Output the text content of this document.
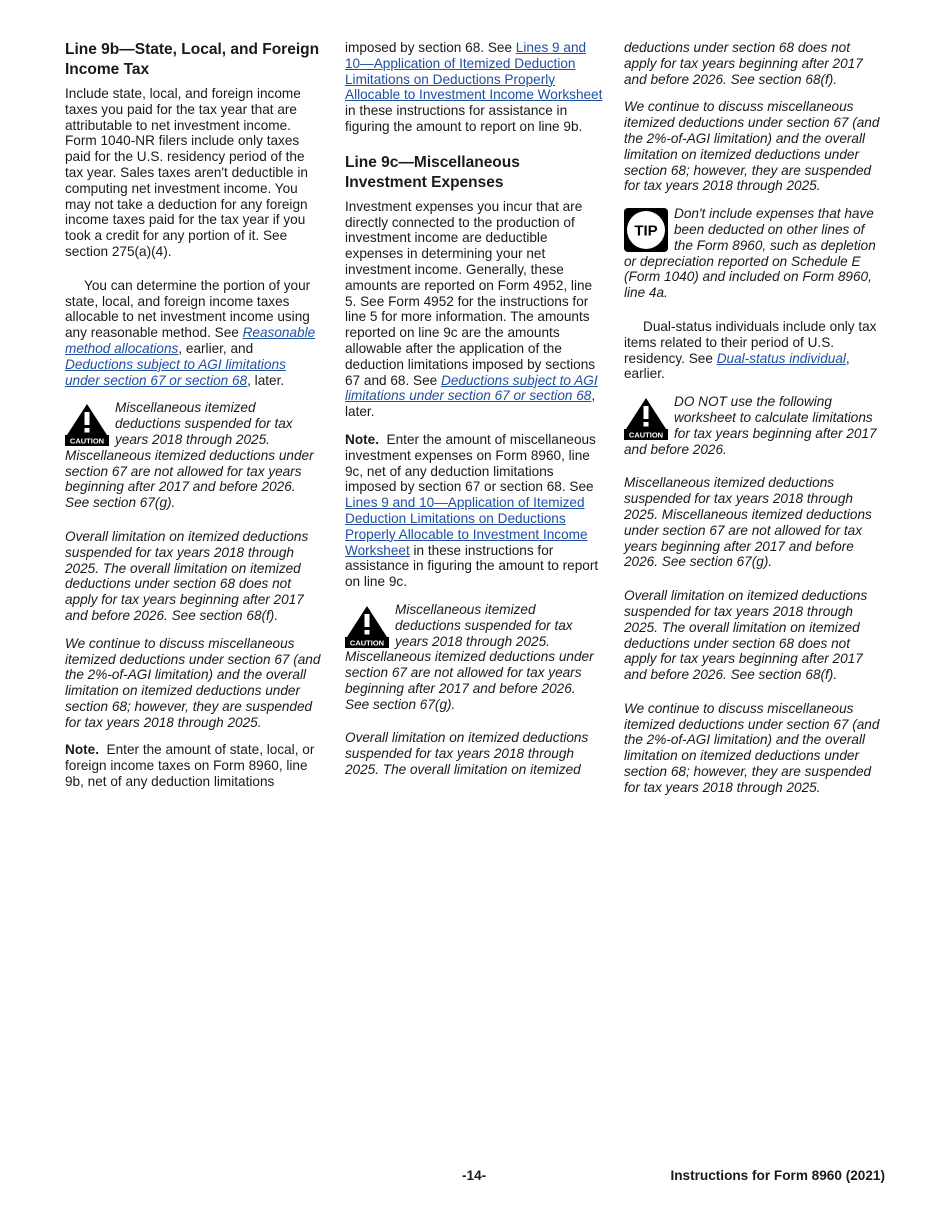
Line 9b—State, Local, and Foreign Income Tax

Include state, local, and foreign income taxes you paid for the tax year that are attributable to net investment income. Form 1040-NR filers include only taxes paid for the U.S. residency period of the tax year. Sales taxes aren't deductible in computing net investment income. You may not take a deduction for any foreign income taxes paid for the tax year if you took a credit for any portion of it. See section 275(a)(4).

You can determine the portion of your state, local, and foreign income taxes allocable to net investment income using any reasonable method. See Reasonable method allocations, earlier, and Deductions subject to AGI limitations under section 67 or section 68, later.

CAUTION

Miscellaneous itemized deductions suspended for tax years 2018 through 2025. Miscellaneous itemized deductions under section 67 are not allowed for tax years beginning after 2017 and before 2026. See section 67(g).

Overall limitation on itemized deductions suspended for tax years 2018 through 2025. The overall limitation on itemized deductions under section 68 does not apply for tax years beginning after 2017 and before 2026. See section 68(f).

We continue to discuss miscellaneous itemized deductions under section 67 (and the 2%-of-AGI limitation) and the overall limitation on itemized deductions under section 68; however, they are suspended for tax years 2018 through 2025.

Note. Enter the amount of state, local, or foreign income taxes on Form 8960, line 9b, net of any deduction limitations

imposed by section 68. See Lines 9 and 10—Application of Itemized Deduction Limitations on Deductions Properly Allocable to Investment Income Worksheet in these instructions for assistance in figuring the amount to report on line 9b.

Line 9c—Miscellaneous Investment Expenses

Investment expenses you incur that are directly connected to the production of investment income are deductible expenses in determining your net investment income. Generally, these amounts are reported on Form 4952, line 5. See Form 4952 for the instructions for line 5 for more information. The amounts reported on line 9c are the amounts allowable after the application of the deduction limitations imposed by sections 67 and 68. See Deductions subject to AGI limitations under section 67 or section 68, later.

Note. Enter the amount of miscellaneous investment expenses on Form 8960, line 9c, net of any deduction limitations imposed by section 67 or section 68. See Lines 9 and 10—Application of Itemized Deduction Limitations on Deductions Properly Allocable to Investment Income Worksheet in these instructions for assistance in figuring the amount to report on line 9c.

CAUTION

Miscellaneous itemized deductions suspended for tax years 2018 through 2025. Miscellaneous itemized deductions under section 67 are not allowed for tax years beginning after 2017 and before 2026. See section 67(g).

Overall limitation on itemized deductions suspended for tax years 2018 through 2025. The overall limitation on itemized

deductions under section 68 does not apply for tax years beginning after 2017 and before 2026. See section 68(f).

We continue to discuss miscellaneous itemized deductions under section 67 (and the 2%-of-AGI limitation) and the overall limitation on itemized deductions under section 68; however, they are suspended for tax years 2018 through 2025.

TIP

Don't include expenses that have been deducted on other lines of the Form 8960, such as depletion or depreciation reported on Schedule E (Form 1040) and included on Form 8960, line 4a.

Dual-status individuals include only tax items related to their period of U.S. residency. See Dual-status individual, earlier.

CAUTION

DO NOT use the following worksheet to calculate limitations for tax years beginning after 2017 and before 2026.

Miscellaneous itemized deductions suspended for tax years 2018 through 2025. Miscellaneous itemized deductions under section 67 are not allowed for tax years beginning after 2017 and before 2026. See section 67(g).

Overall limitation on itemized deductions suspended for tax years 2018 through 2025. The overall limitation on itemized deductions under section 68 does not apply for tax years beginning after 2017 and before 2026. See section 68(f).

We continue to discuss miscellaneous itemized deductions under section 67 (and the 2%-of-AGI limitation) and the overall limitation on itemized deductions under section 68; however, they are suspended for tax years 2018 through 2025.

-14-	Instructions for Form 8960 (2021)
